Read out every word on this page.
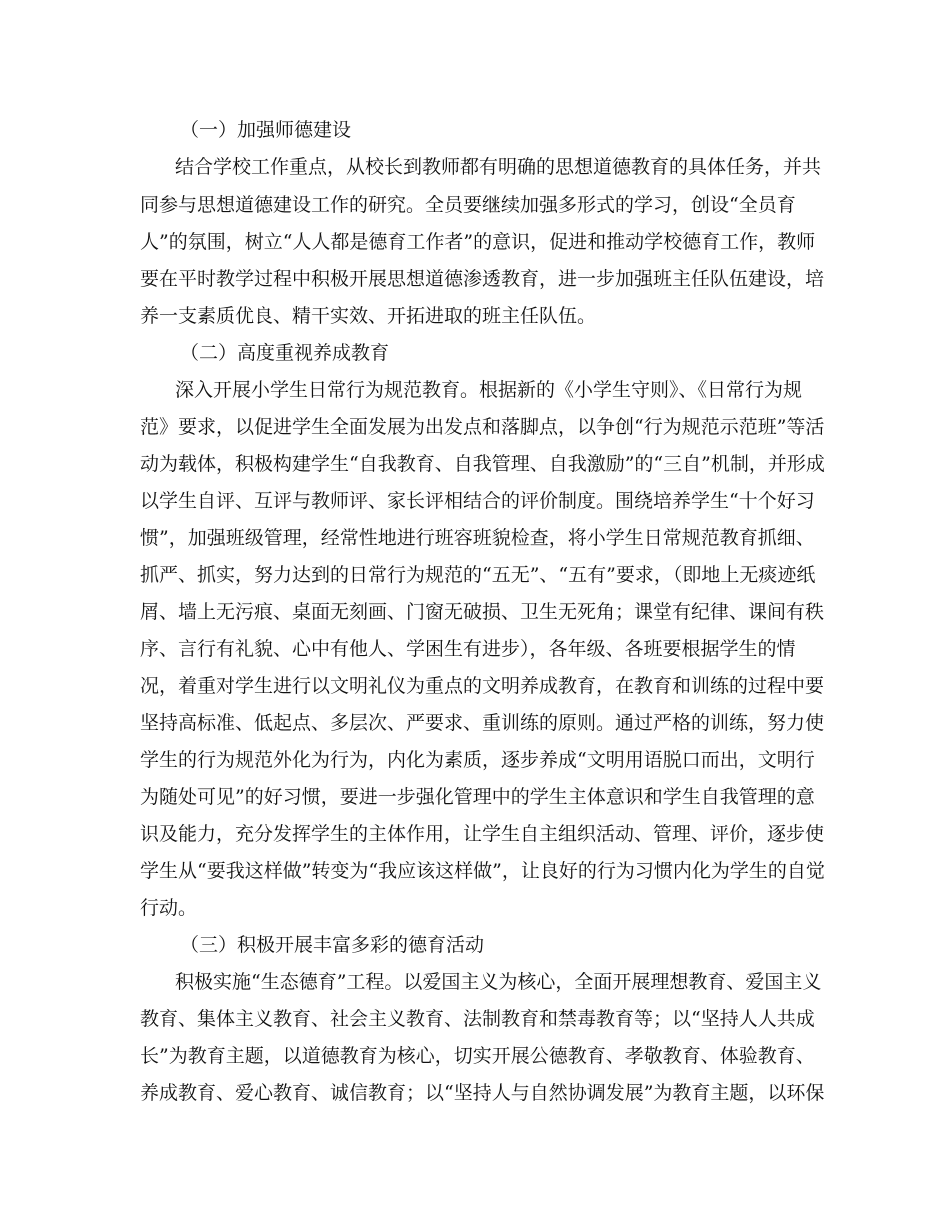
（一）加强师德建设

结合学校工作重点，从校长到教师都有明确的思想道德教育的具体任务，并共

同参与思想道德建设工作的研究。全员要继续加强多形式的学习，创设“全员育

人”的氛围，树立“人人都是德育工作者”的意识，促进和推动学校德育工作，教师

要在平时教学过程中积极开展思想道德渗透教育，进一步加强班主任队伍建设，培

养一支素质优良、精干实效、开拓进取的班主任队伍。

（二）高度重视养成教育

深入开展小学生日常行为规范教育。根据新的《小学生守则》、《日常行为规

范》要求，以促进学生全面发展为出发点和落脚点，以争创“行为规范示范班”等活

动为载体，积极构建学生“自我教育、自我管理、自我激励”的“三自”机制，并形成

以学生自评、互评与教师评、家长评相结合的评价制度。围绕培养学生“十个好习

惯”，加强班级管理，经常性地进行班容班貌检查，将小学生日常规范教育抓细、

抓严、抓实，努力达到的日常行为规范的“五无”、“五有”要求，（即地上无痰迹纸

屑、墙上无污痕、桌面无刻画、门窗无破损、卫生无死角；课堂有纪律、课间有秩

序、言行有礼貌、心中有他人、学困生有进步），各年级、各班要根据学生的情

况，着重对学生进行以文明礼仪为重点的文明养成教育，在教育和训练的过程中要

坚持高标准、低起点、多层次、严要求、重训练的原则。通过严格的训练，努力使

学生的行为规范外化为行为，内化为素质，逐步养成“文明用语脱口而出，文明行

为随处可见”的好习惯，要进一步强化管理中的学生主体意识和学生自我管理的意

识及能力，充分发挥学生的主体作用，让学生自主组织活动、管理、评价，逐步使

学生从“要我这样做”转变为“我应该这样做”，让良好的行为习惯内化为学生的自觉

行动。

（三）积极开展丰富多彩的德育活动

积极实施“生态德育”工程。以爱国主义为核心，全面开展理想教育、爱国主义

教育、集体主义教育、社会主义教育、法制教育和禁毒教育等；以“坚持人人共成

长”为教育主题，以道德教育为核心，切实开展公德教育、孝敬教育、体验教育、

养成教育、爱心教育、诚信教育；以“坚持人与自然协调发展”为教育主题，以环保
